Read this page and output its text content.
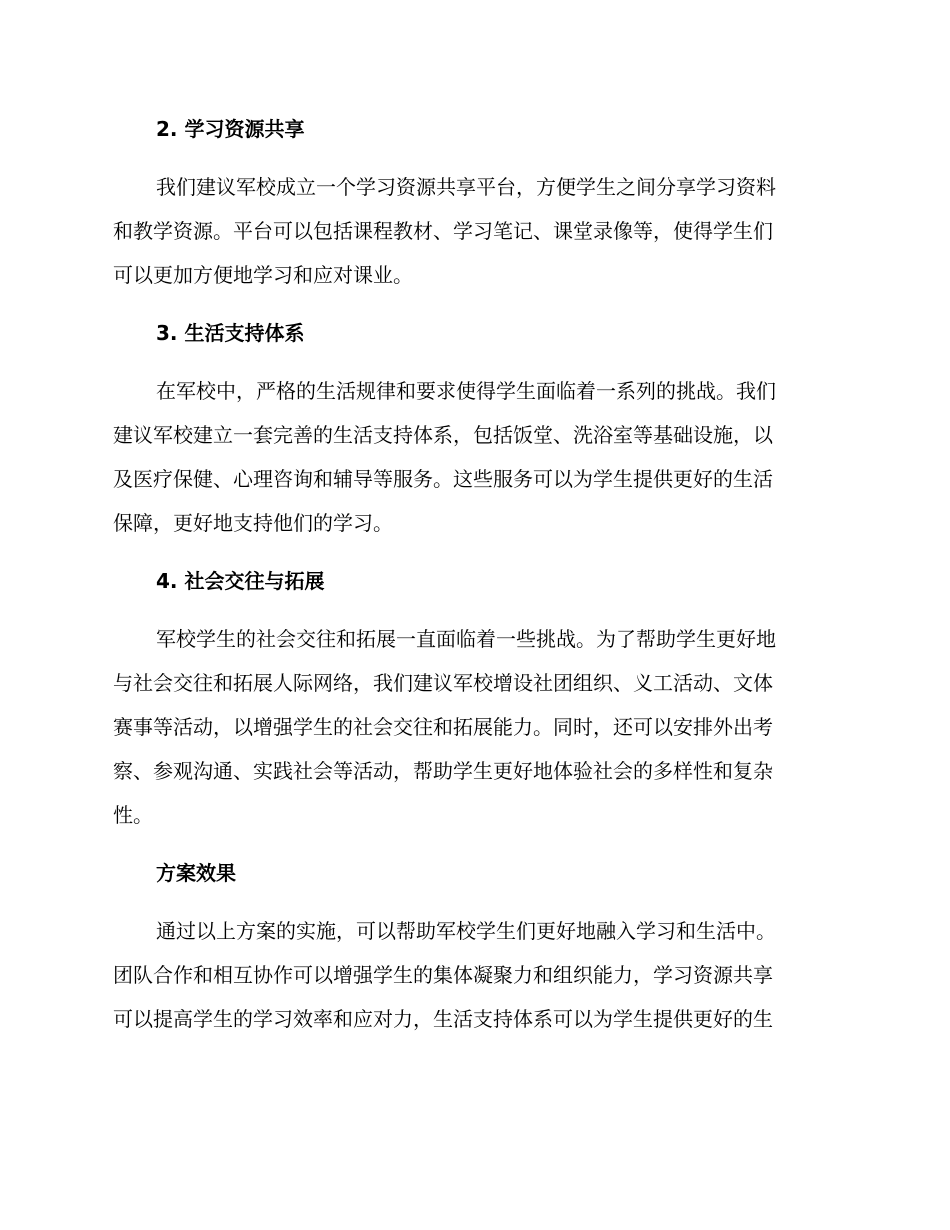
2. 学习资源共享
我们建议军校成立一个学习资源共享平台，方便学生之间分享学习资料
和教学资源。平台可以包括课程教材、学习笔记、课堂录像等，使得学生们
可以更加方便地学习和应对课业。
3. 生活支持体系
在军校中，严格的生活规律和要求使得学生面临着一系列的挑战。我们
建议军校建立一套完善的生活支持体系，包括饭堂、洗浴室等基础设施，以
及医疗保健、心理咨询和辅导等服务。这些服务可以为学生提供更好的生活
保障，更好地支持他们的学习。
4. 社会交往与拓展
军校学生的社会交往和拓展一直面临着一些挑战。为了帮助学生更好地
与社会交往和拓展人际网络，我们建议军校增设社团组织、义工活动、文体
赛事等活动，以增强学生的社会交往和拓展能力。同时，还可以安排外出考
察、参观沟通、实践社会等活动，帮助学生更好地体验社会的多样性和复杂
性。
方案效果
通过以上方案的实施，可以帮助军校学生们更好地融入学习和生活中。
团队合作和相互协作可以增强学生的集体凝聚力和组织能力，学习资源共享
可以提高学生的学习效率和应对力，生活支持体系可以为学生提供更好的生
